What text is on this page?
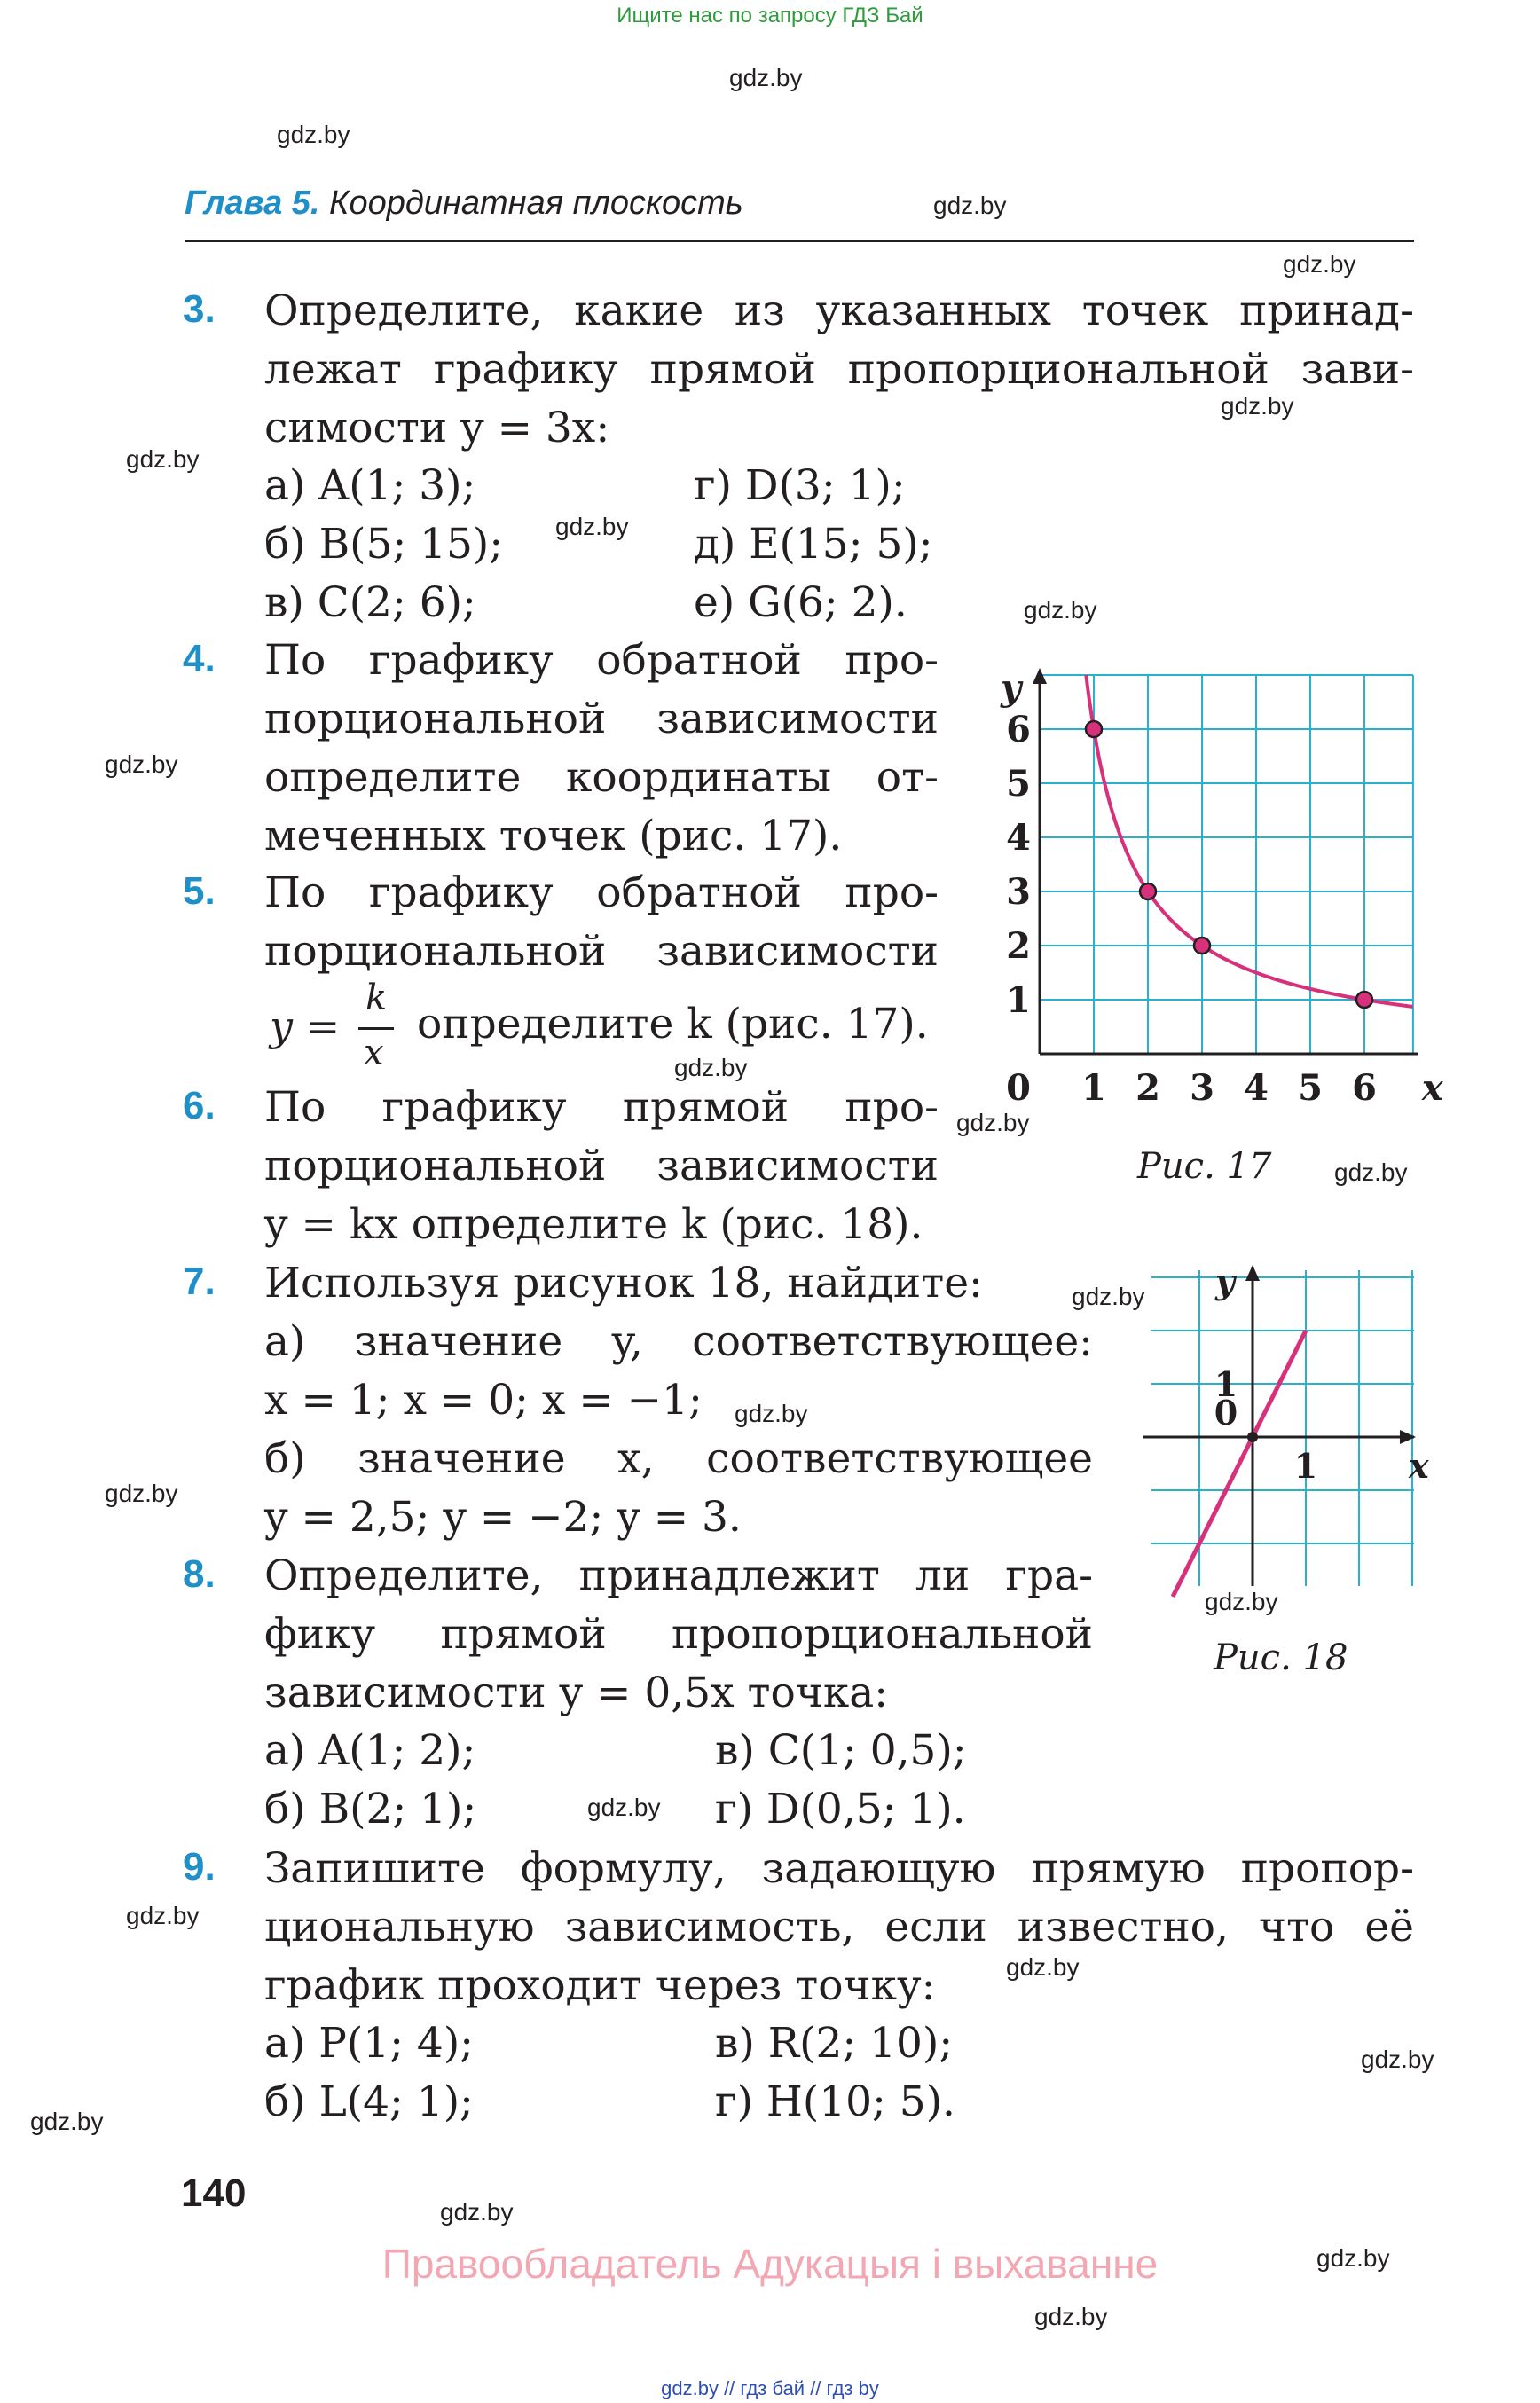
Ищите нас по запросу ГДЗ Бай
gdz.by
gdz.by
gdz.by
gdz.by
gdz.by
gdz.by
gdz.by
gdz.by
gdz.by
gdz.by
gdz.by
gdz.by
gdz.by
gdz.by
gdz.by
gdz.by
gdz.by
gdz.by
gdz.by
gdz.by
gdz.by
gdz.by
gdz.by
gdz.by
Глава 5. Координатная плоскость
3. Определите, какие из указанных точек принад-
лежат графику прямой пропорциональной зави-
симости y = 3x:
а) A(1; 3);
б) B(5; 15);
в) C(2; 6);
г) D(3; 1);
д) E(15; 5);
е) G(6; 2).
4. По графику обратной про-
порциональной зависимости
определите координаты от-
меченных точек (рис. 17).
5. По графику обратной про-
порциональной зависимости
y =
k
x
определите k (рис. 17).
6. По графику прямой про-
порциональной зависимости
y = kx определите k (рис. 18).
7. Используя рисунок 18, найдите:
а) значение y, соответствующее:
x = 1; x = 0; x = −1;
б) значение x, соответствующее
y = 2,5; y = −2; y = 3.
8. Определите, принадлежит ли гра-
фику прямой пропорциональной
зависимости y = 0,5x точка:
а) A(1; 2);
б) B(2; 1);
в) C(1; 0,5);
г) D(0,5; 1).
9. Запишите формулу, задающую прямую пропор-
циональную зависимость, если известно, что её
график проходит через точку:
а) P(1; 4);
б) L(4; 1);
в) R(2; 10);
г) H(10; 5).
0 1 2 3 4 5 6
1
2
3
4
5
6
x
y
Рис. 17
1
1
0
x
y
Рис. 18
140
Правообладатель Адукацыя і выхаванне
gdz.by // гдз бай // гдз by
